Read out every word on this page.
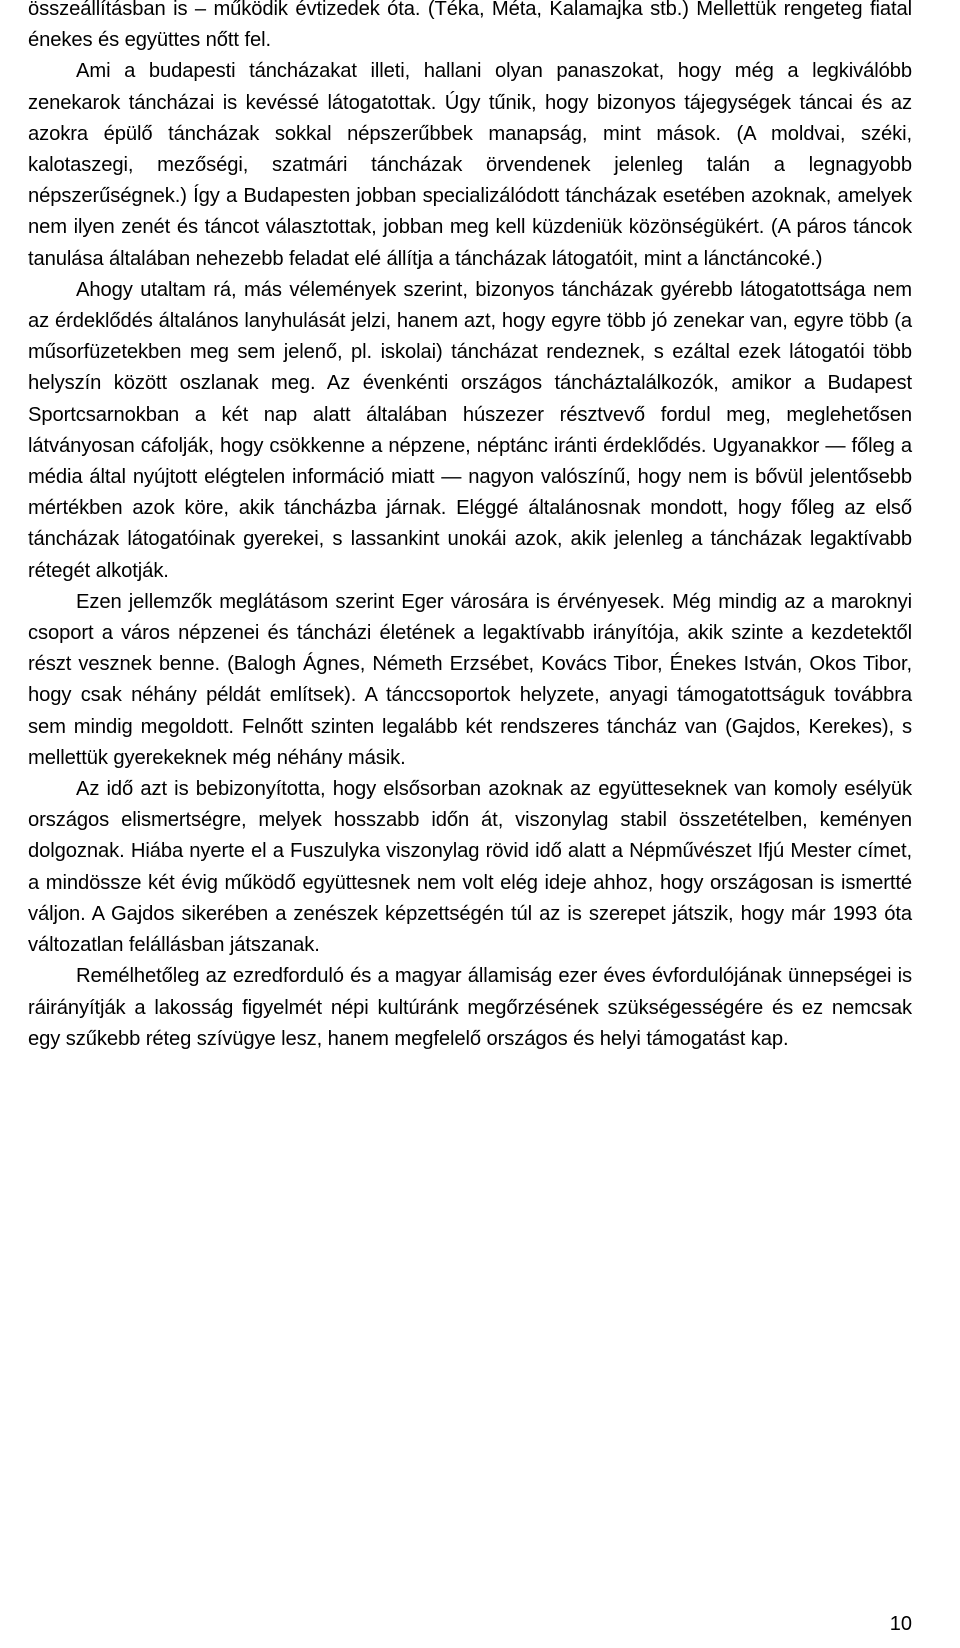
összeállításban is – működik évtizedek óta. (Téka, Méta, Kalamajka stb.) Mellettük rengeteg fiatal énekes és együttes nőtt fel.

Ami a budapesti táncházakat illeti, hallani olyan panaszokat, hogy még a legkiválóbb zenekarok táncházai is kevéssé látogatottak. Úgy tűnik, hogy bizonyos tájegységek táncai és az azokra épülő táncházak sokkal népszerűbbek manapság, mint mások. (A moldvai, széki, kalotaszegi, mezőségi, szatmári táncházak örvendenek jelenleg talán a legnagyobb népszerűségnek.) Így a Budapesten jobban specializálódott táncházak esetében azoknak, amelyek nem ilyen zenét és táncot választottak, jobban meg kell küzdeniük közönségükért. (A páros táncok tanulása általában nehezebb feladat elé állítja a táncházak látogatóit, mint a lánctáncoké.)

Ahogy utaltam rá, más vélemények szerint, bizonyos táncházak gyérebb látogatottsága nem az érdeklődés általános lanyhulását jelzi, hanem azt, hogy egyre több jó zenekar van, egyre több (a műsorfüzetekben meg sem jelenő, pl. iskolai) táncházat rendeznek, s ezáltal ezek látogatói több helyszín között oszlanak meg. Az évenkénti országos táncháztalálkozók, amikor a Budapest Sportcsarnokban a két nap alatt általában húszezer résztvevő fordul meg, meglehetősen látványosan cáfolják, hogy csökkenne a népzene, néptánc iránti érdeklődés. Ugyanakkor — főleg a média által nyújtott elégtelen információ miatt — nagyon valószínű, hogy nem is bővül jelentősebb mértékben azok köre, akik táncházba járnak. Eléggé általánosnak mondott, hogy főleg az első táncházak látogatóinak gyerekei, s lassankint unokái azok, akik jelenleg a táncházak legaktívabb rétegét alkotják.

Ezen jellemzők meglátásom szerint Eger városára is érvényesek. Még mindig az a maroknyi csoport a város népzenei és táncházi életének a legaktívabb irányítója, akik szinte a kezdetektől részt vesznek benne. (Balogh Ágnes, Németh Erzsébet, Kovács Tibor, Énekes István, Okos Tibor, hogy csak néhány példát említsek). A tánccsoportok helyzete, anyagi támogatottságuk továbbra sem mindig megoldott. Felnőtt szinten legalább két rendszeres táncház van (Gajdos, Kerekes), s mellettük gyerekeknek még néhány másik.

Az idő azt is bebizonyította, hogy elsősorban azoknak az együtteseknek van komoly esélyük országos elismertségre, melyek hosszabb időn át, viszonylag stabil összetételben, keményen dolgoznak. Hiába nyerte el a Fuszulyka viszonylag rövid idő alatt a Népművészet Ifjú Mester címet, a mindössze két évig működő együttesnek nem volt elég ideje ahhoz, hogy országosan is ismertté váljon. A Gajdos sikerében a zenészek képzettségén túl az is szerepet játszik, hogy már 1993 óta változatlan felállásban játszanak.

Remélhetőleg az ezredforduló és a magyar államiság ezer éves évfordulójának ünnepségei is ráirányítják a lakosság figyelmét népi kultúránk megőrzésének szükségességére és ez nemcsak egy szűkebb réteg szívügye lesz, hanem megfelelő országos és helyi támogatást kap.

10
